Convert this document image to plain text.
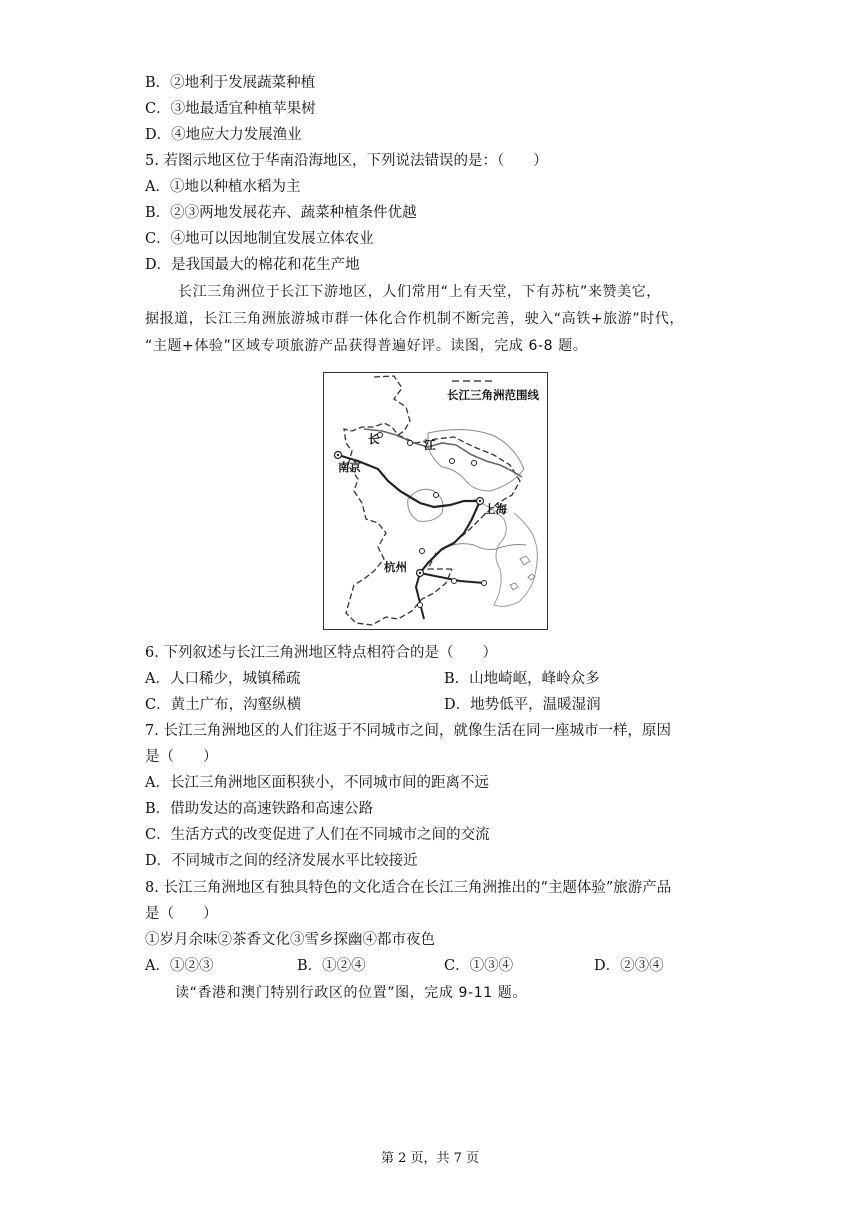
B．②地利于发展蔬菜种植
C．③地最适宜种植苹果树
D．④地应大力发展渔业
5. 若图示地区位于华南沿海地区，下列说法错误的是：（　　）
A．①地以种植水稻为主
B．②③两地发展花卉、蔬菜种植条件优越
C．④地可以因地制宜发展立体农业
D．是我国最大的棉花和花生产地
长江三角洲位于长江下游地区，人们常用“上有天堂，下有苏杭”来赞美它，
据报道，长江三角洲旅游城市群一体化合作机制不断完善，驶入“高铁+旅游”时代，
“主题+体验”区域专项旅游产品获得普遍好评。读图，完成 6-8 题。
长江三角洲范围线
长	江
南京
上海
杭州
6. 下列叙述与长江三角洲地区特点相符合的是（　　）
A．人口稀少，城镇稀疏	B．山地崎岖，峰岭众多
C．黄土广布，沟壑纵横	D．地势低平，温暖湿润
7. 长江三角洲地区的人们往返于不同城市之间，就像生活在同一座城市一样，原因
是（　　）
A．长江三角洲地区面积狭小，不同城市间的距离不远
B．借助发达的高速铁路和高速公路
C．生活方式的改变促进了人们在不同城市之间的交流
D．不同城市之间的经济发展水平比较接近
8. 长江三角洲地区有独具特色的文化适合在长江三角洲推出的“主题体验”旅游产品
是（　　）
①岁月余味②茶香文化③雪乡探幽④都市夜色
A．①②③	B．①②④	C．①③④	D．②③④
读“香港和澳门特别行政区的位置”图，完成 9-11 题。
第 2 页，共 7 页
